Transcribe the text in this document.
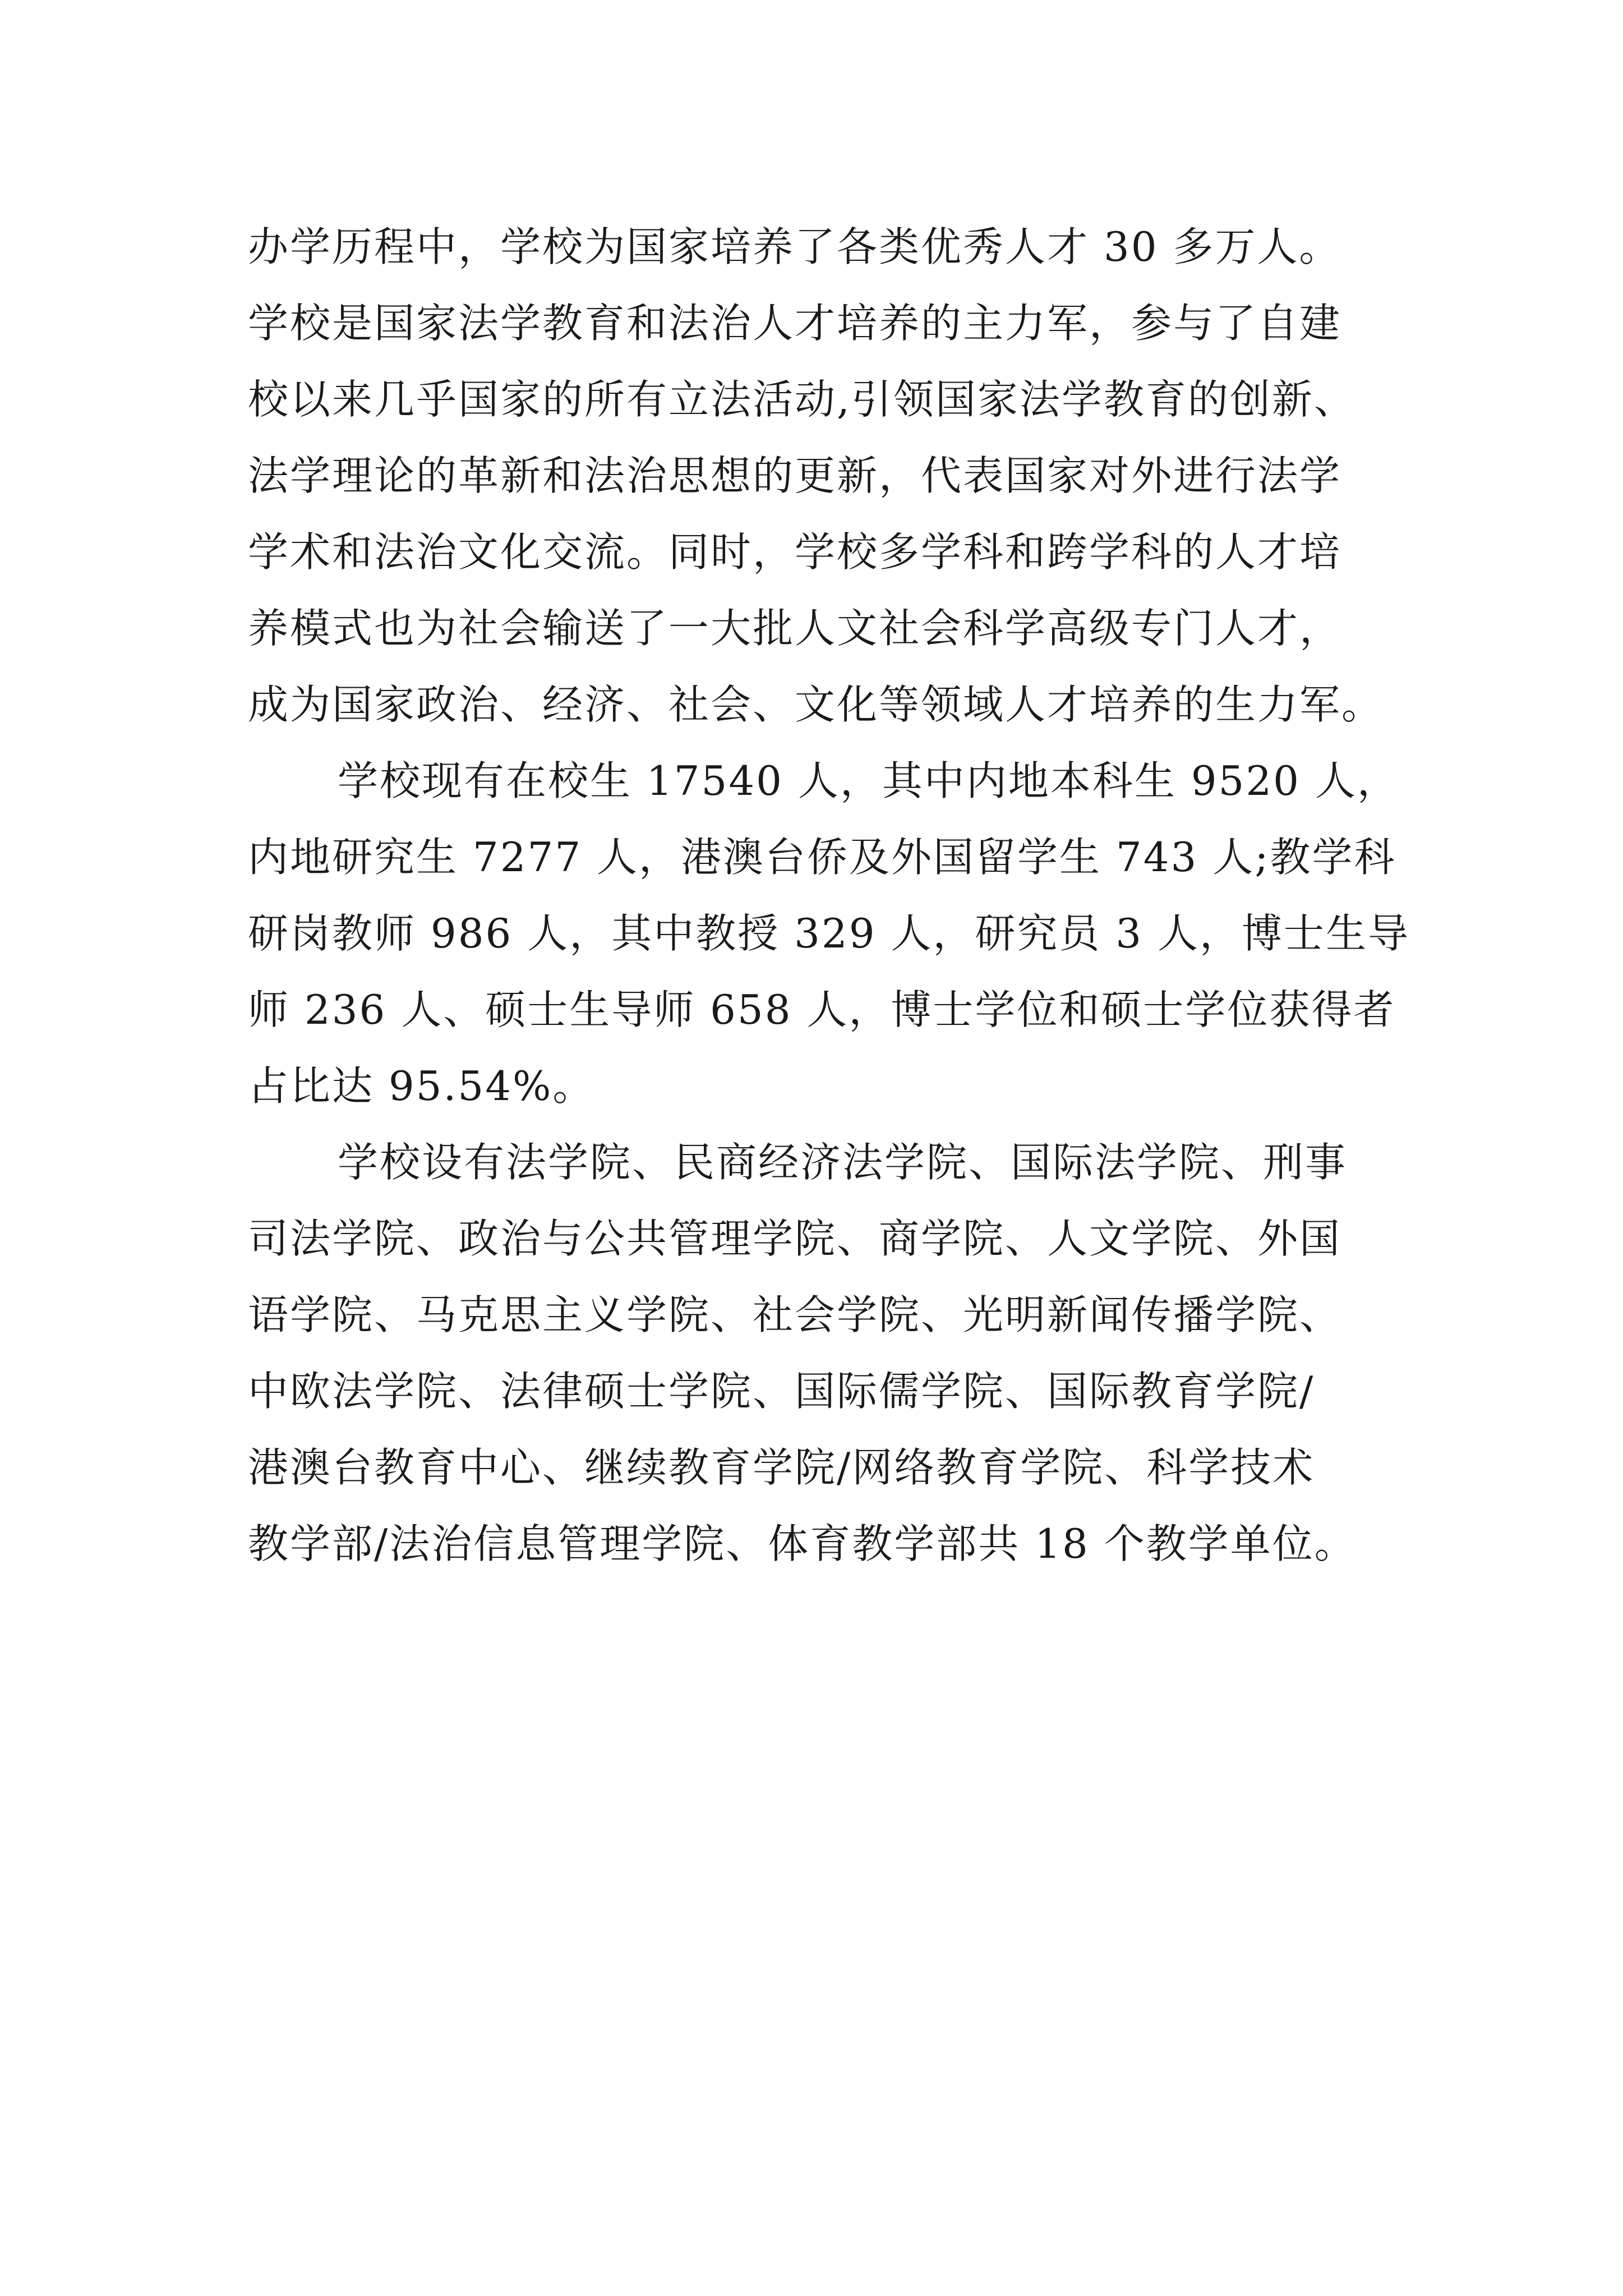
办学历程中，学校为国家培养了各类优秀人才 30 多万人。
学校是国家法学教育和法治人才培养的主力军，参与了自建
校以来几乎国家的所有立法活动,引领国家法学教育的创新、
法学理论的革新和法治思想的更新，代表国家对外进行法学
学术和法治文化交流。同时，学校多学科和跨学科的人才培
养模式也为社会输送了一大批人文社会科学高级专门人才，
成为国家政治、经济、社会、文化等领域人才培养的生力军。
学校现有在校生 17540 人，其中内地本科生 9520 人，
内地研究生 7277 人，港澳台侨及外国留学生 743 人;教学科
研岗教师 986 人，其中教授 329 人，研究员 3 人，博士生导
师 236 人、硕士生导师 658 人，博士学位和硕士学位获得者
占比达 95.54%。
学校设有法学院、民商经济法学院、国际法学院、刑事
司法学院、政治与公共管理学院、商学院、人文学院、外国
语学院、马克思主义学院、社会学院、光明新闻传播学院、
中欧法学院、法律硕士学院、国际儒学院、国际教育学院/
港澳台教育中心、继续教育学院/网络教育学院、科学技术
教学部/法治信息管理学院、体育教学部共 18 个教学单位。
